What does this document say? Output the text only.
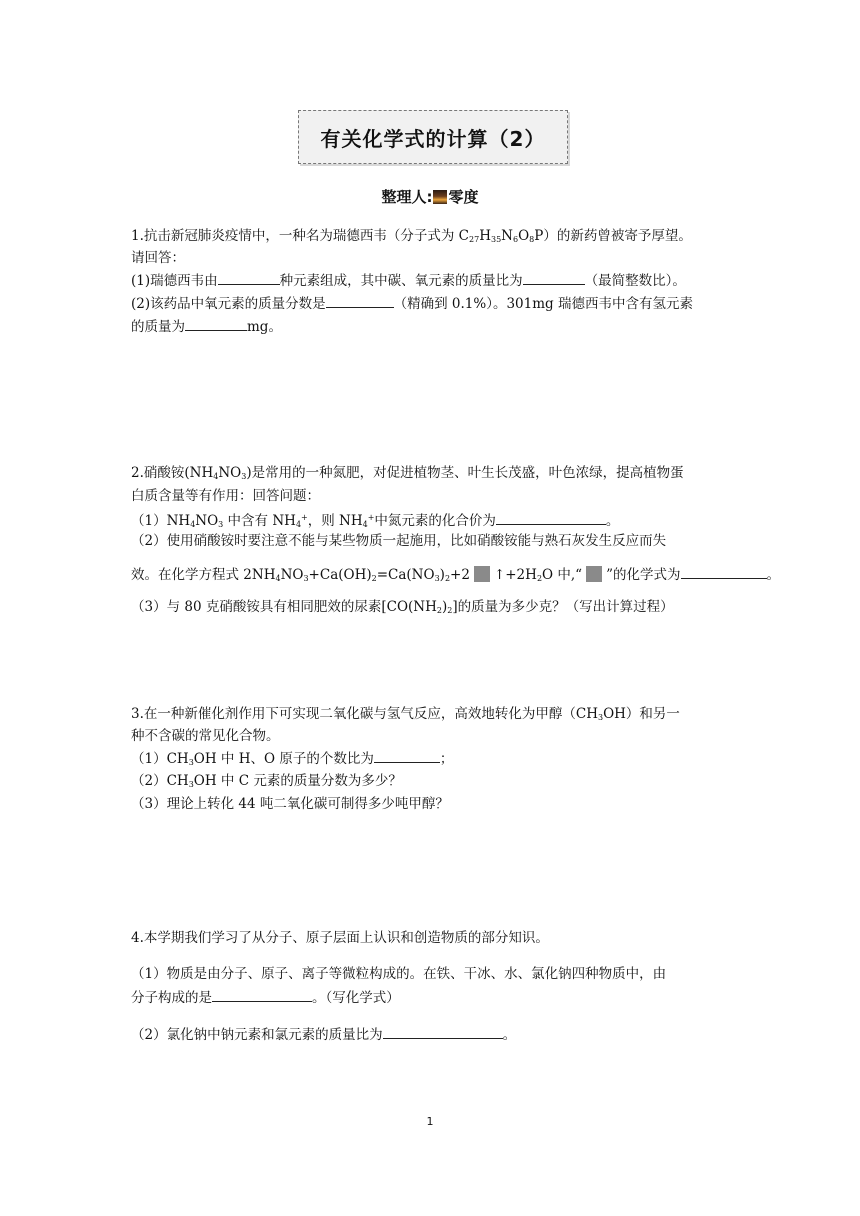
有关化学式的计算（2）
整理人: 零度
1.抗击新冠肺炎疫情中，一种名为瑞德西韦（分子式为 $C_{27}H_{35}N_6O_8P$）的新药曾被寄予厚望。
请回答：
(1)瑞德西韦由	种元素组成，其中碳、氧元素的质量比为	（最简整数比）。
(2)该药品中氧元素的质量分数是	（精确到 0.1%）。301mg 瑞德西韦中含有氢元素
的质量为	mg。
2.硝酸铵$(NH_4NO_3)$是常用的一种氮肥，对促进植物茎、叶生长茂盛，叶色浓绿，提高植物蛋
白质含量等有作用：回答问题：
$(1)NH_4NO_3$ 中含有 $NH_4^+$，则 $NH_4^+$中氮元素的化合价为	。
（2）使用硝酸铵时要注意不能与某些物质一起施用，比如硝酸铵能与熟石灰发生反应而失
效。在化学方程式 $2NH_4NO_3+Ca(OH)_2=Ca(NO_3)_2+2$ $↑+2H_2O$ 中,“ ”的化学式为	。
（3）与 80 克硝酸铵具有相同肥效的尿素$[CO(NH_2)_2]$的质量为多少克？（写出计算过程）
3.在一种新催化剂作用下可实现二氧化碳与氢气反应，高效地转化为甲醇$(CH_3OH)$和另一
种不含碳的常见化合物。
$(1)CH_3OH$ 中 H、O 原子的个数比为	；
$(2)CH_3OH$ 中 C 元素的质量分数为多少？
（3）理论上转化 44 吨二氧化碳可制得多少吨甲醇？
4.本学期我们学习了从分子、原子层面上认识和创造物质的部分知识。
（1）物质是由分子、原子、离子等微粒构成的。在铁、干冰、水、氯化钠四种物质中，由
分子构成的是	。（写化学式）
（2）氯化钠中钠元素和氯元素的质量比为	。
1
